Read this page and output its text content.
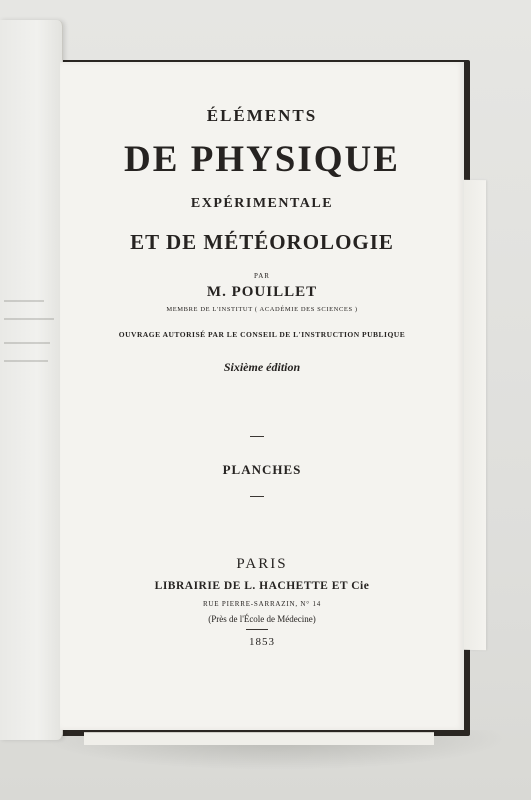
ÉLÉMENTS
DE PHYSIQUE
EXPÉRIMENTALE
ET DE MÉTÉOROLOGIE
PAR
M. POUILLET
MEMBRE DE L'INSTITUT ( ACADÉMIE DES SCIENCES )
OUVRAGE AUTORISÉ PAR LE CONSEIL DE L'INSTRUCTION PUBLIQUE
Sixième édition
PLANCHES
PARIS
LIBRAIRIE DE L. HACHETTE ET Cie
RUE PIERRE-SARRAZIN, N° 14
(Près de l'École de Médecine)
1853
